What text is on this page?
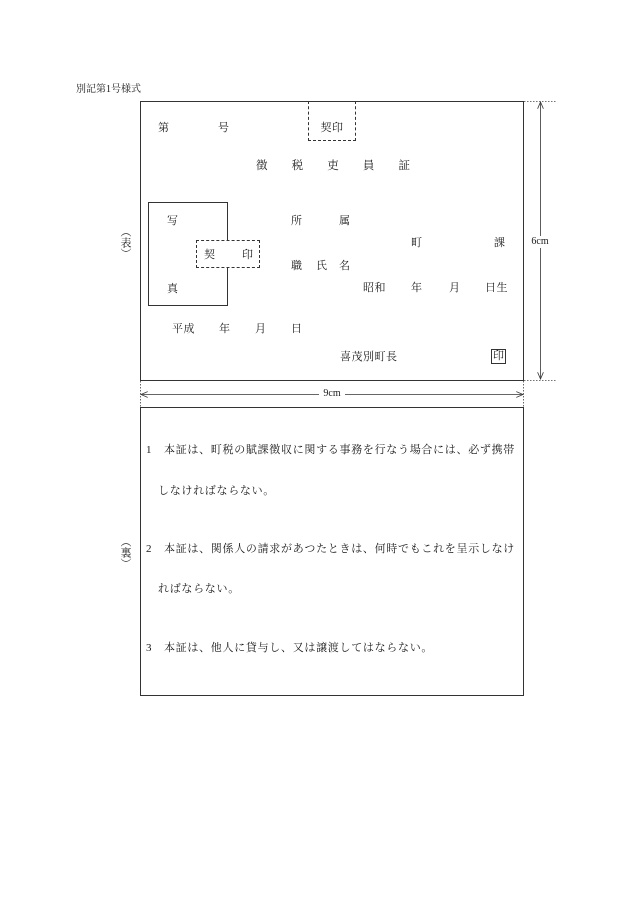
別記第1号様式
（表）
（裏）
第	号	契印
徴 税 吏 員 証
写
真
契 印
所	属
町	課
職 氏 名
昭和 年 月 日生
平成 年 月 日
喜茂別町長	印
1 本証は、町税の賦課徴収に関する事務を行なう場合には、必ず携帯
しなければならない。
2 本証は、関係人の請求があつたときは、何時でもこれを呈示しなけ
ればならない。
3 本証は、他人に貸与し、又は譲渡してはならない。
6cm
9cm
